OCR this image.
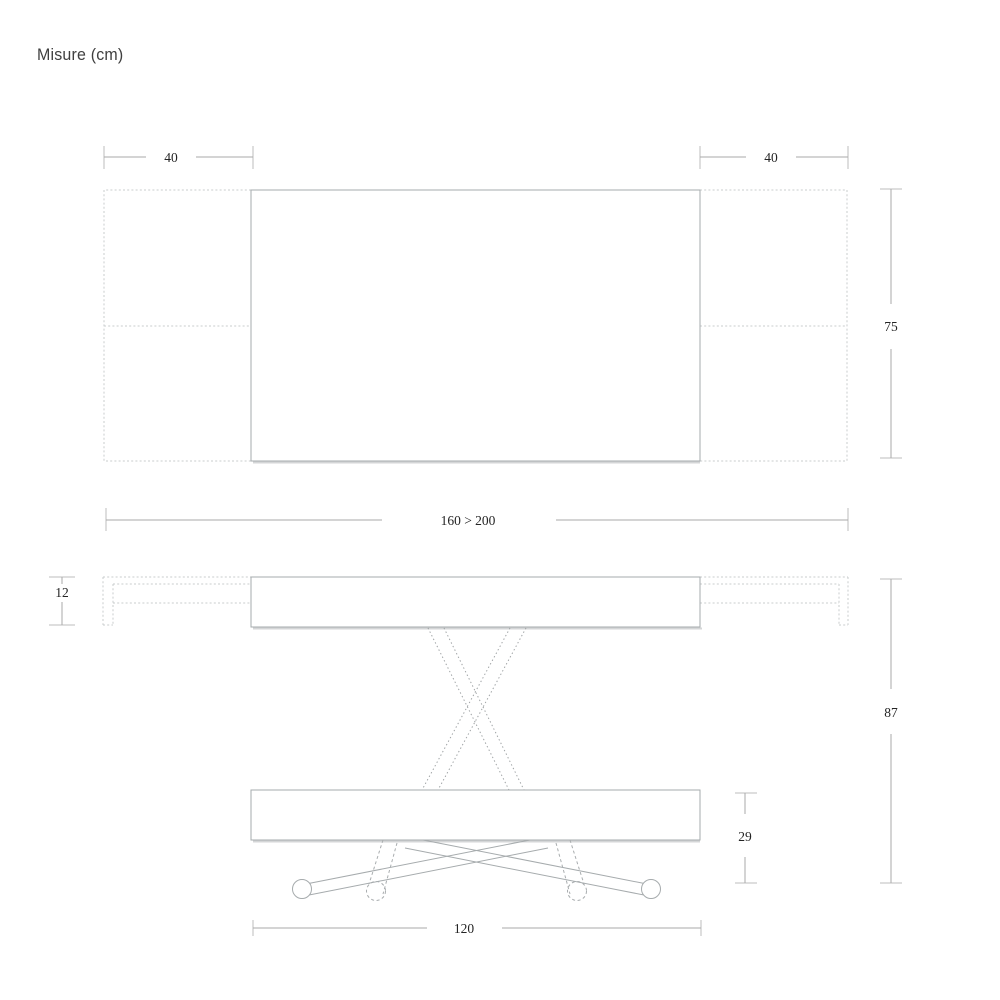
Misure (cm)
40	40
75
160 > 200
12
29
87
120
